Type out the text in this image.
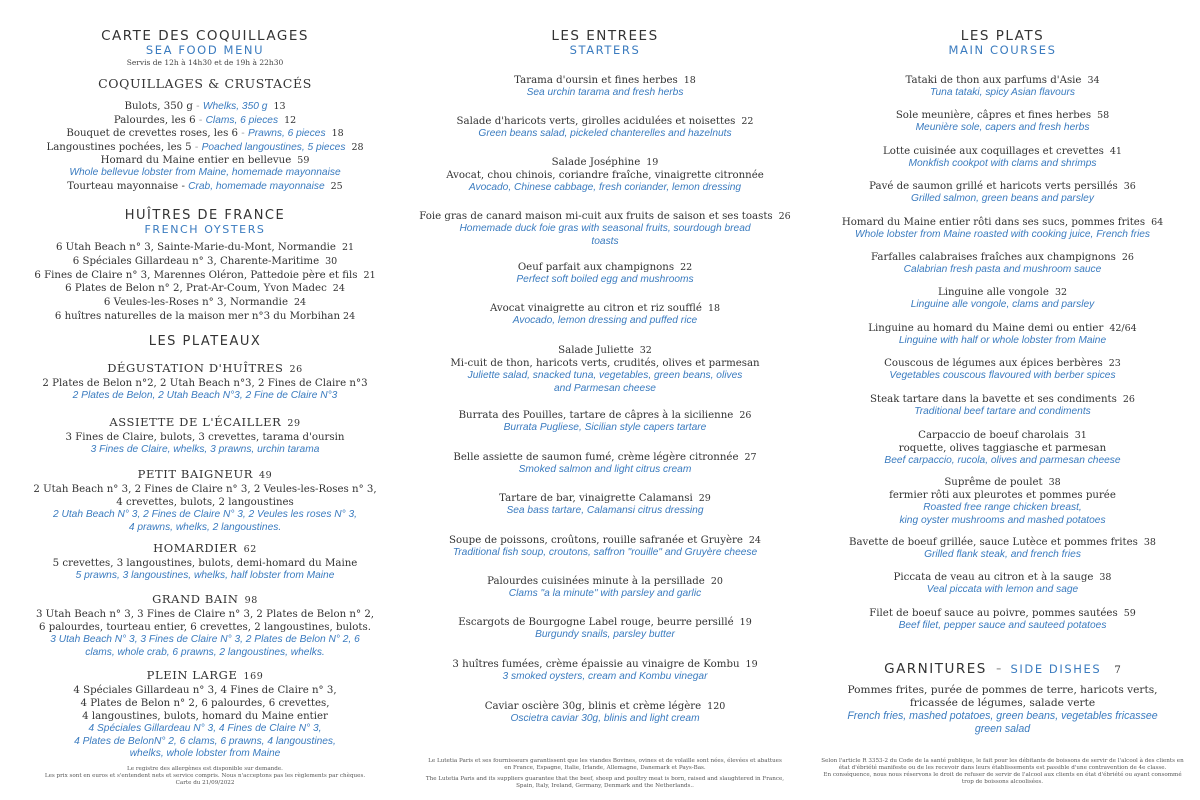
CARTE DES COQUILLAGES
SEA FOOD MENU
Servis de 12h à 14h30 et de 19h à 22h30
COQUILLAGES & CRUSTACÉS
Bulots, 350 g - Whelks, 350 g 13
Palourdes, les 6 - Clams, 6 pieces 12
Bouquet de crevettes roses, les 6 - Prawns, 6 pieces 18
Langoustines pochées, les 5 - Poached langoustines, 5 pieces 28
Homard du Maine entier en bellevue 59
Whole bellevue lobster from Maine, homemade mayonnaise
Tourteau mayonnaise - Crab, homemade mayonnaise 25
HUÎTRES DE FRANCE
FRENCH OYSTERS
6 Utah Beach n° 3, Sainte-Marie-du-Mont, Normandie 21
6 Spéciales Gillardeau n° 3, Charente-Maritime 30
6 Fines de Claire n° 3, Marennes Oléron, Pattedoie père et fils 21
6 Plates de Belon n° 2, Prat-Ar-Coum, Yvon Madec 24
6 Veules-les-Roses n° 3, Normandie 24
6 huîtres naturelles de la maison mer n°3 du Morbihan 24
LES PLATEAUX
DÉGUSTATION D'HUÎTRES 26
2 Plates de Belon n°2, 2 Utah Beach n°3, 2 Fines de Claire n°3
2 Plates de Belon, 2 Utah Beach N°3, 2 Fine de Claire N°3
ASSIETTE DE L'ÉCAILLER 29
3 Fines de Claire, bulots, 3 crevettes, tarama d'oursin
3 Fines de Claire, whelks, 3 prawns, urchin tarama
PETIT BAIGNEUR 49
2 Utah Beach n° 3, 2 Fines de Claire n° 3, 2 Veules-les-Roses n° 3,
4 crevettes, bulots, 2 langoustines
2 Utah Beach N° 3, 2 Fines de Claire N° 3, 2 Veules les roses N° 3,
4 prawns, whelks, 2 langoustines.
HOMARDIER 62
5 crevettes, 3 langoustines, bulots, demi-homard du Maine
5 prawns, 3 langoustines, whelks, half lobster from Maine
GRAND BAIN 98
3 Utah Beach n° 3, 3 Fines de Claire n° 3, 2 Plates de Belon n° 2,
6 palourdes, tourteau entier, 6 crevettes, 2 langoustines, bulots.
3 Utah Beach N° 3, 3 Fines de Claire N° 3, 2 Plates de Belon N° 2, 6
clams, whole crab, 6 prawns, 2 langoustines, whelks.
PLEIN LARGE 169
4 Spéciales Gillardeau n° 3, 4 Fines de Claire n° 3,
4 Plates de Belon n° 2, 6 palourdes, 6 crevettes,
4 langoustines, bulots, homard du Maine entier
4 Spéciales Gillardeau N° 3, 4 Fines de Claire N° 3,
4 Plates de BelonN° 2, 6 clams, 6 prawns, 4 langoustines,
whelks, whole lobster from Maine
Le registre des allergènes est disponible sur demande.
Les prix sont en euros et s'entendent nets et service compris. Nous n'acceptons pas les règlements par chèques.
Carte du 21/09/2022
LES ENTREES
STARTERS
Tarama d'oursin et fines herbes 18
Sea urchin tarama and fresh herbs
Salade d'haricots verts, girolles acidulées et noisettes 22
Green beans salad, pickeled chanterelles and hazelnuts
Salade Joséphine 19
Avocat, chou chinois, coriandre fraîche, vinaigrette citronnée
Avocado, Chinese cabbage, fresh coriander, lemon dressing
Foie gras de canard maison mi-cuit aux fruits de saison et ses toasts 26
Homemade duck foie gras with seasonal fruits, sourdough bread
toasts
Oeuf parfait aux champignons 22
Perfect soft boiled egg and mushrooms
Avocat vinaigrette au citron et riz soufflé 18
Avocado, lemon dressing and puffed rice
Salade Juliette 32
Mi-cuit de thon, haricots verts, crudités, olives et parmesan
Juliette salad, snacked tuna, vegetables, green beans, olives
and Parmesan cheese
Burrata des Pouilles, tartare de câpres à la sicilienne 26
Burrata Pugliese, Sicilian style capers tartare
Belle assiette de saumon fumé, crème légère citronnée 27
Smoked salmon and light citrus cream
Tartare de bar, vinaigrette Calamansi 29
Sea bass tartare, Calamansi citrus dressing
Soupe de poissons, croûtons, rouille safranée et Gruyère 24
Traditional fish soup, croutons, saffron "rouille" and Gruyère cheese
Palourdes cuisinées minute à la persillade 20
Clams "a la minute" with parsley and garlic
Escargots de Bourgogne Label rouge, beurre persillé 19
Burgundy snails, parsley butter
3 huîtres fumées, crème épaissie au vinaigre de Kombu 19
3 smoked oysters, cream and Kombu vinegar
Caviar oscière 30g, blinis et crème légère 120
Oscietra caviar 30g, blinis and light cream
Le Lutetia Paris et ses fournisseurs garantissent que les viandes Bovines, ovines et de volaille sont nées, élevées et abattues en France, Espagne, Italie, Irlande, Allemagne, Danemark et Pays-Bas.
The Lutetia Paris and its suppliers guarantee that the beef, sheep and poultry meat is born, raised and slaughtered in France, Spain, Italy, Ireland, Germany, Denmark and the Netherlands..
LES PLATS
MAIN COURSES
Tataki de thon aux parfums d'Asie 34
Tuna tataki, spicy Asian flavours
Sole meunière, câpres et fines herbes 58
Meunière sole, capers and fresh herbs
Lotte cuisinée aux coquillages et crevettes 41
Monkfish cookpot with clams and shrimps
Pavé de saumon grillé et haricots verts persillés 36
Grilled salmon, green beans and parsley
Homard du Maine entier rôti dans ses sucs, pommes frites 64
Whole lobster from Maine roasted with cooking juice, French fries
Farfalles calabraises fraîches aux champignons 26
Calabrian fresh pasta and mushroom sauce
Linguine alle vongole 32
Linguine alle vongole, clams and parsley
Linguine au homard du Maine demi ou entier 42/64
Linguine with half or whole lobster from Maine
Couscous de légumes aux épices berbères 23
Vegetables couscous flavoured with berber spices
Steak tartare dans la bavette et ses condiments 26
Traditional beef tartare and condiments
Carpaccio de boeuf charolais 31
roquette, olives taggiasche et parmesan
Beef carpaccio, rucola, olives and parmesan cheese
Suprême de poulet 38
fermier rôti aux pleurotes et pommes purée
Roasted free range chicken breast,
king oyster mushrooms and mashed potatoes
Bavette de boeuf grillée, sauce Lutèce et pommes frites 38
Grilled flank steak, and french fries
Piccata de veau au citron et à la sauge 38
Veal piccata with lemon and sage
Filet de boeuf sauce au poivre, pommes sautées 59
Beef filet, pepper sauce and sauteed potatoes
GARNITURES - SIDE DISHES 7
Pommes frites, purée de pommes de terre, haricots verts,
fricassée de légumes, salade verte
French fries, mashed potatoes, green beans, vegetables fricassee
green salad
Selon l'article R 3353-2 du Code de la santé publique, le fait pour les débitants de boissons de servir de l'alcool à des clients en état d'ébriété manifeste ou de les recevoir dans leurs établissements est passible d'une contravention de 4e classe.
En conséquence, nous nous réservons le droit de refuser de servir de l'alcool aux clients en état d'ébriété ou ayant consommé trop de boissons alcoolisées.
